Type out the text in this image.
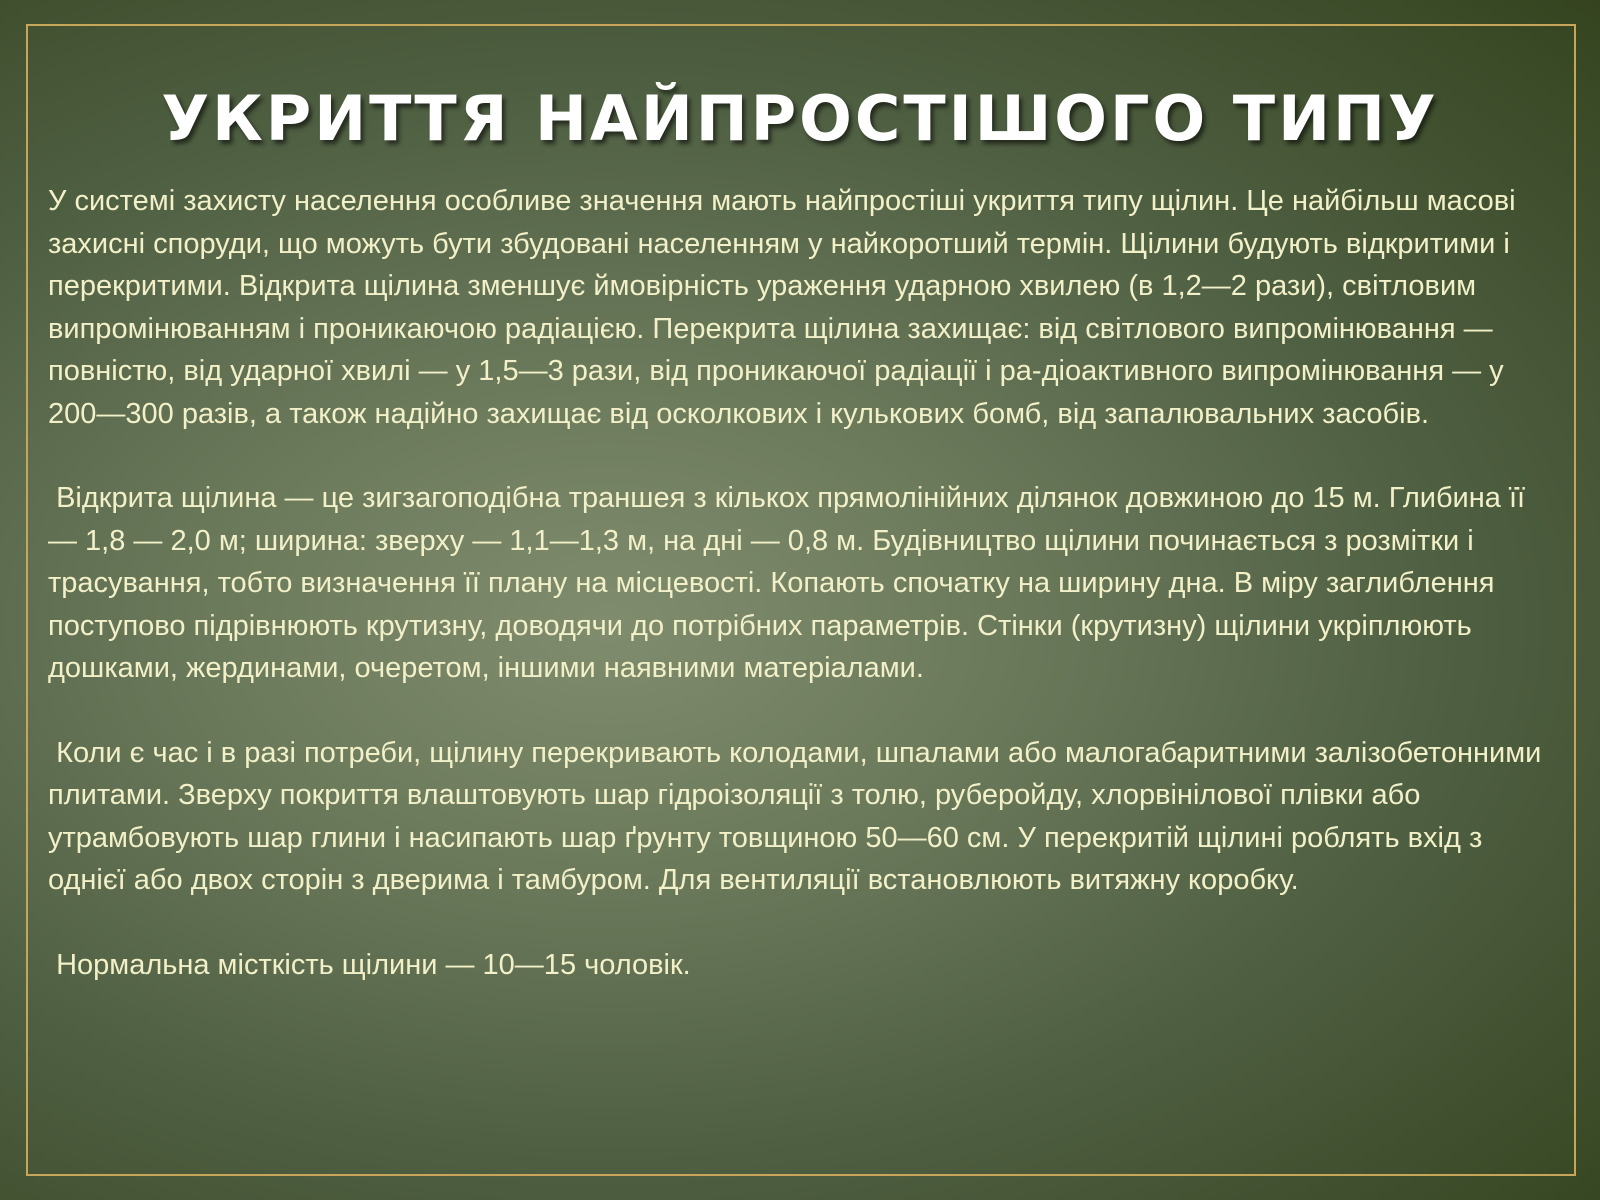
УКРИТТЯ НАЙПРОСТІШОГО ТИПУ

У системі захисту населення особливе значення мають найпростіші укриття типу щілин. Це найбільш масові захисні споруди, що можуть бути збудовані населенням у найкоротший термін. Щілини будують відкритими і перекритими. Відкрита щілина зменшує ймовірність ураження ударною хвилею (в 1,2—2 рази), світловим випромінюванням і проникаючою радіацією. Перекрита щілина захищає: від світлового випромінювання — повністю, від ударної хвилі — у 1,5—3 рази, від проникаючої радіації і ра-діоактивного випромінювання — у 200—300 разів, а також надійно захищає від осколкових і кулькових бомб, від запалювальних засобів.

Відкрита щілина — це зигзагоподібна траншея з кількох прямолінійних ділянок довжиною до 15 м. Глибина її — 1,8 — 2,0 м; ширина: зверху — 1,1—1,3 м, на дні — 0,8 м. Будівництво щілини починається з розмітки і трасування, тобто визначення її плану на місцевості. Копають спочатку на ширину дна. В міру заглиблення поступово підрівнюють крутизну, доводячи до потрібних параметрів. Стінки (крутизну) щілини укріплюють дошками, жердинами, очеретом, іншими наявними матеріалами.

Коли є час і в разі потреби, щілину перекривають колодами, шпалами або малогабаритними залізобетонними плитами. Зверху покриття влаштовують шар гідроізоляції з толю, руберойду, хлорвінілової плівки або утрамбовують шар глини і насипають шар ґрунту товщиною 50—60 см. У перекритій щілині роблять вхід з однієї або двох сторін з дверима і тамбуром. Для вентиляції встановлюють витяжну коробку.

Нормальна місткість щілини — 10—15 чоловік.
